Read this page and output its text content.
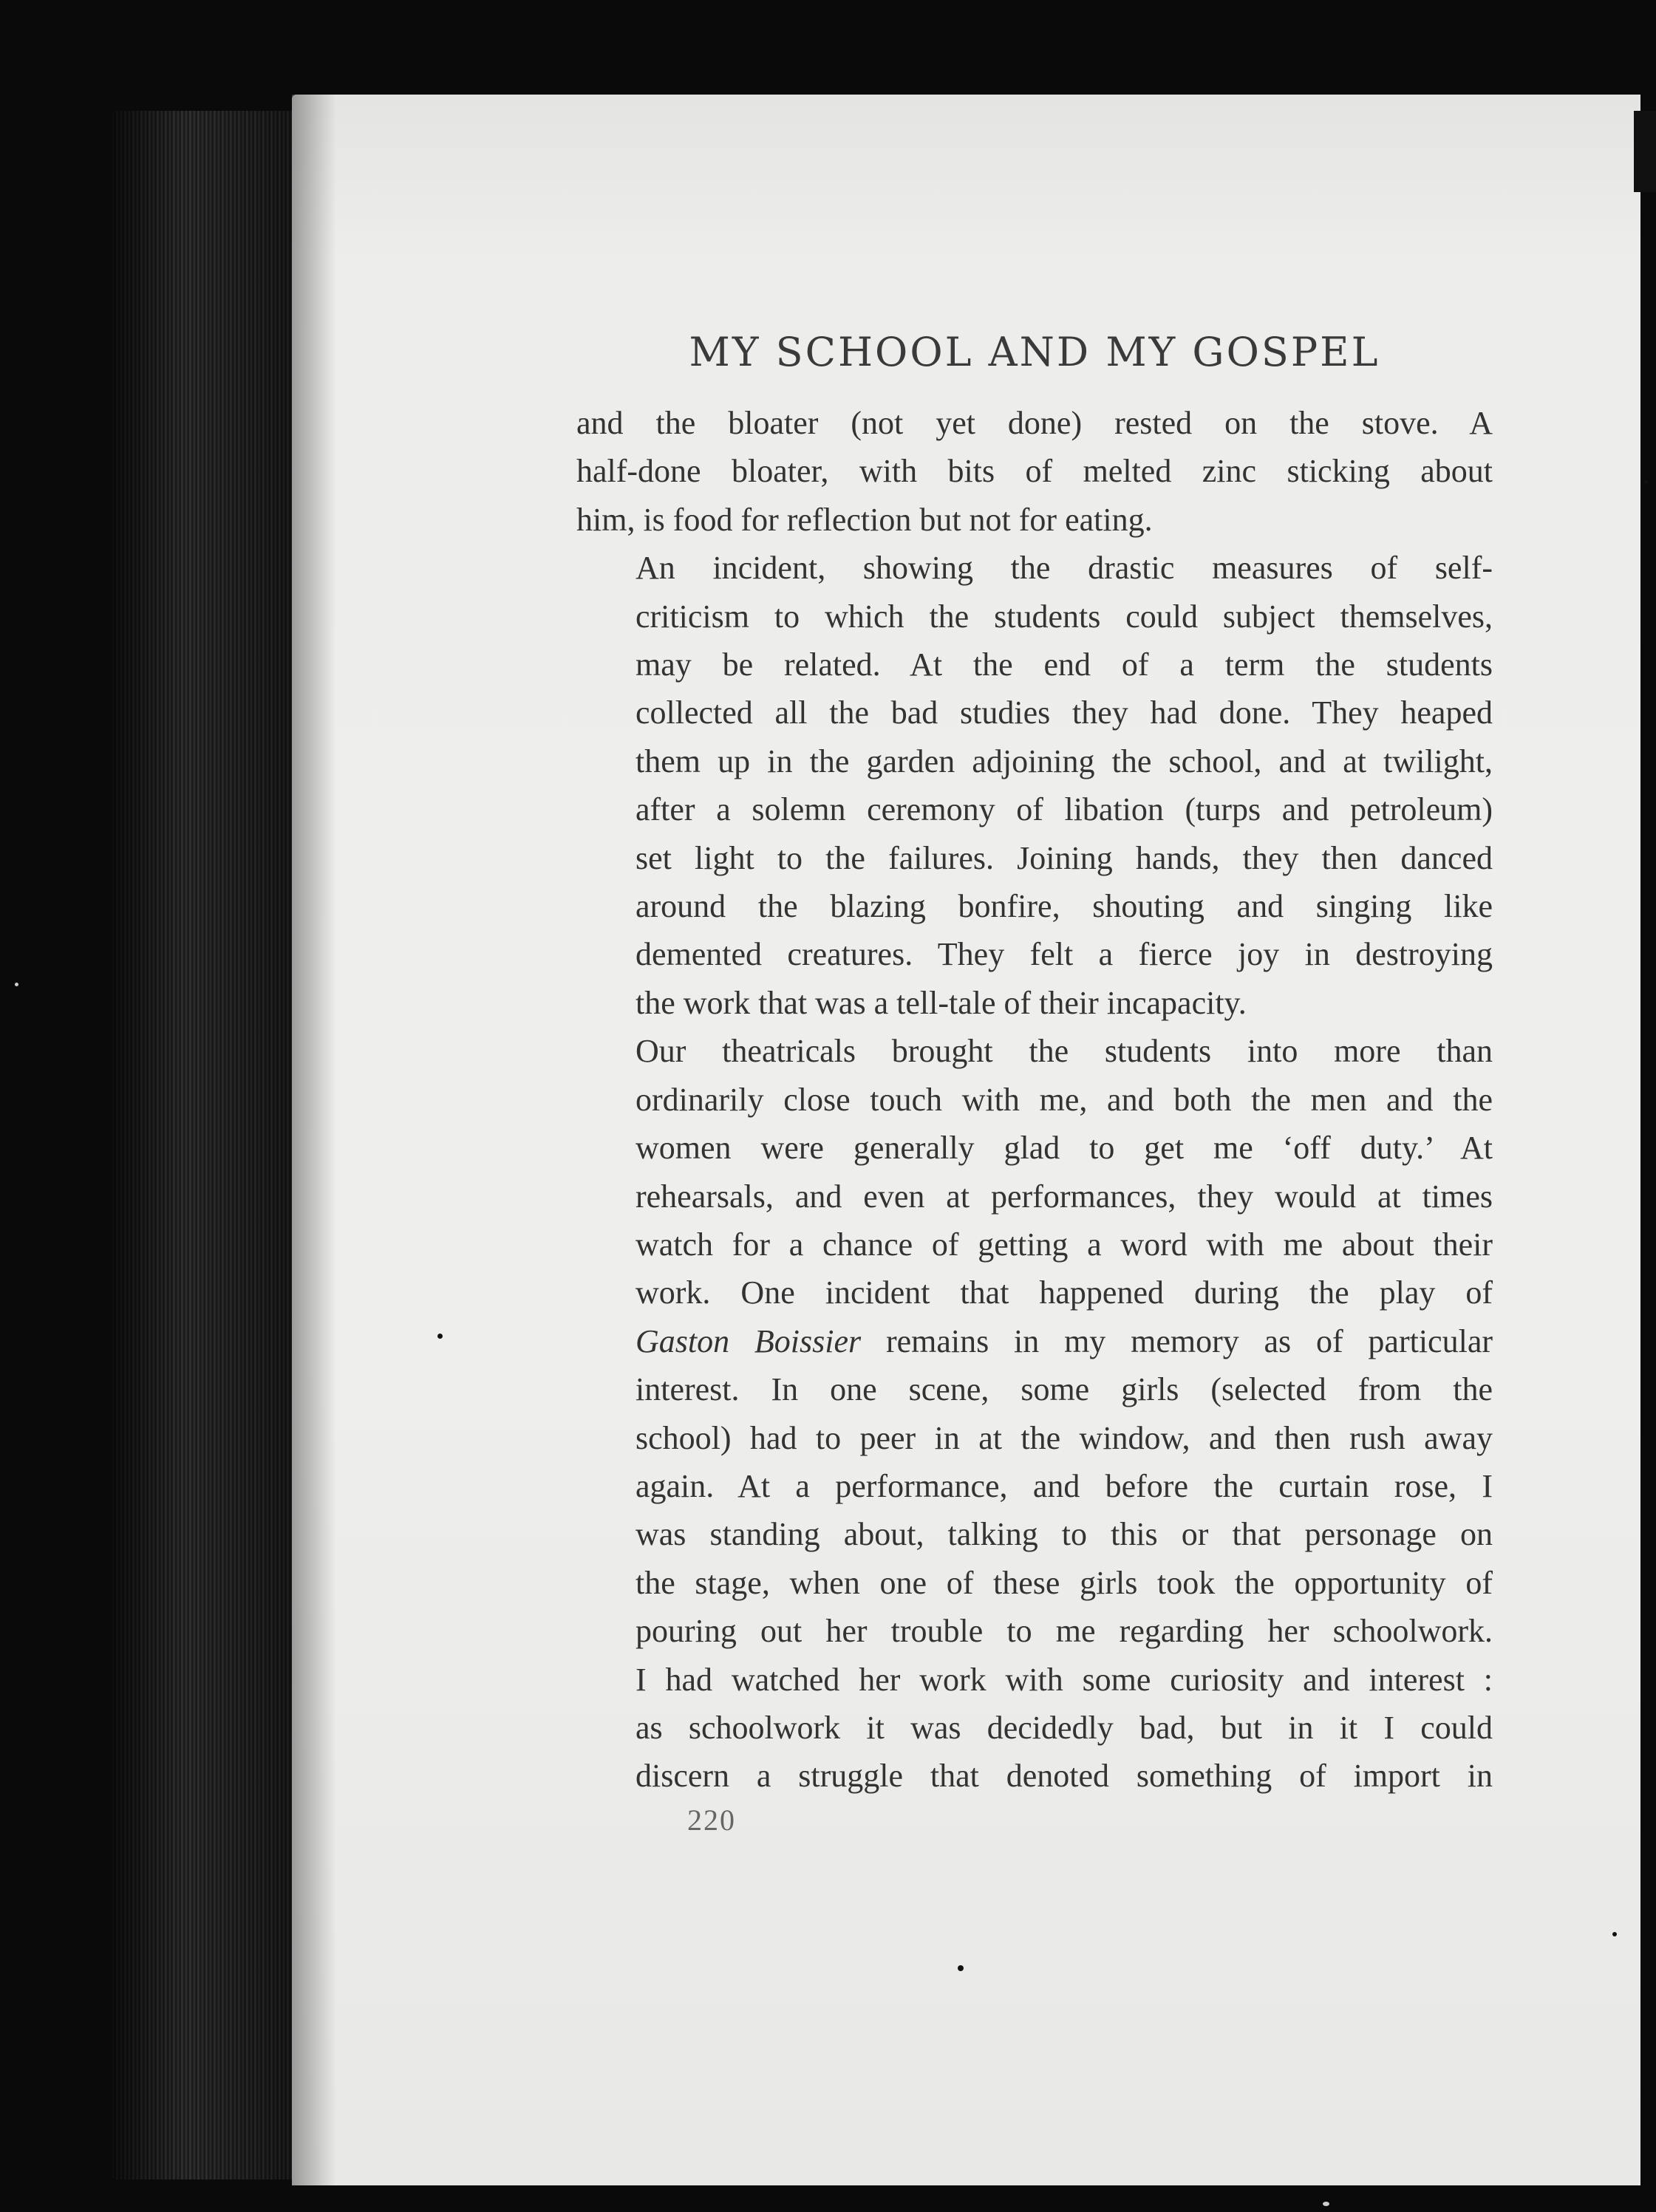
MY SCHOOL AND MY GOSPEL

and the bloater (not yet done) rested on the stove. A
half-done bloater, with bits of melted zinc sticking about
him, is food for reflection but not for eating.

An incident, showing the drastic measures of self-
criticism to which the students could subject themselves,
may be related. At the end of a term the students
collected all the bad studies they had done. They heaped
them up in the garden adjoining the school, and at twilight,
after a solemn ceremony of libation (turps and petroleum)
set light to the failures. Joining hands, they then danced
around the blazing bonfire, shouting and singing like
demented creatures. They felt a fierce joy in destroying
the work that was a tell-tale of their incapacity.

Our theatricals brought the students into more than
ordinarily close touch with me, and both the men and the
women were generally glad to get me ‘off duty.’ At
rehearsals, and even at performances, they would at times
watch for a chance of getting a word with me about their
work. One incident that happened during the play of
Gaston Boissier remains in my memory as of particular
interest. In one scene, some girls (selected from the
school) had to peer in at the window, and then rush away
again. At a performance, and before the curtain rose, I
was standing about, talking to this or that personage on
the stage, when one of these girls took the opportunity of
pouring out her trouble to me regarding her schoolwork.
I had watched her work with some curiosity and interest :
as schoolwork it was decidedly bad, but in it I could
discern a struggle that denoted something of import in

220
